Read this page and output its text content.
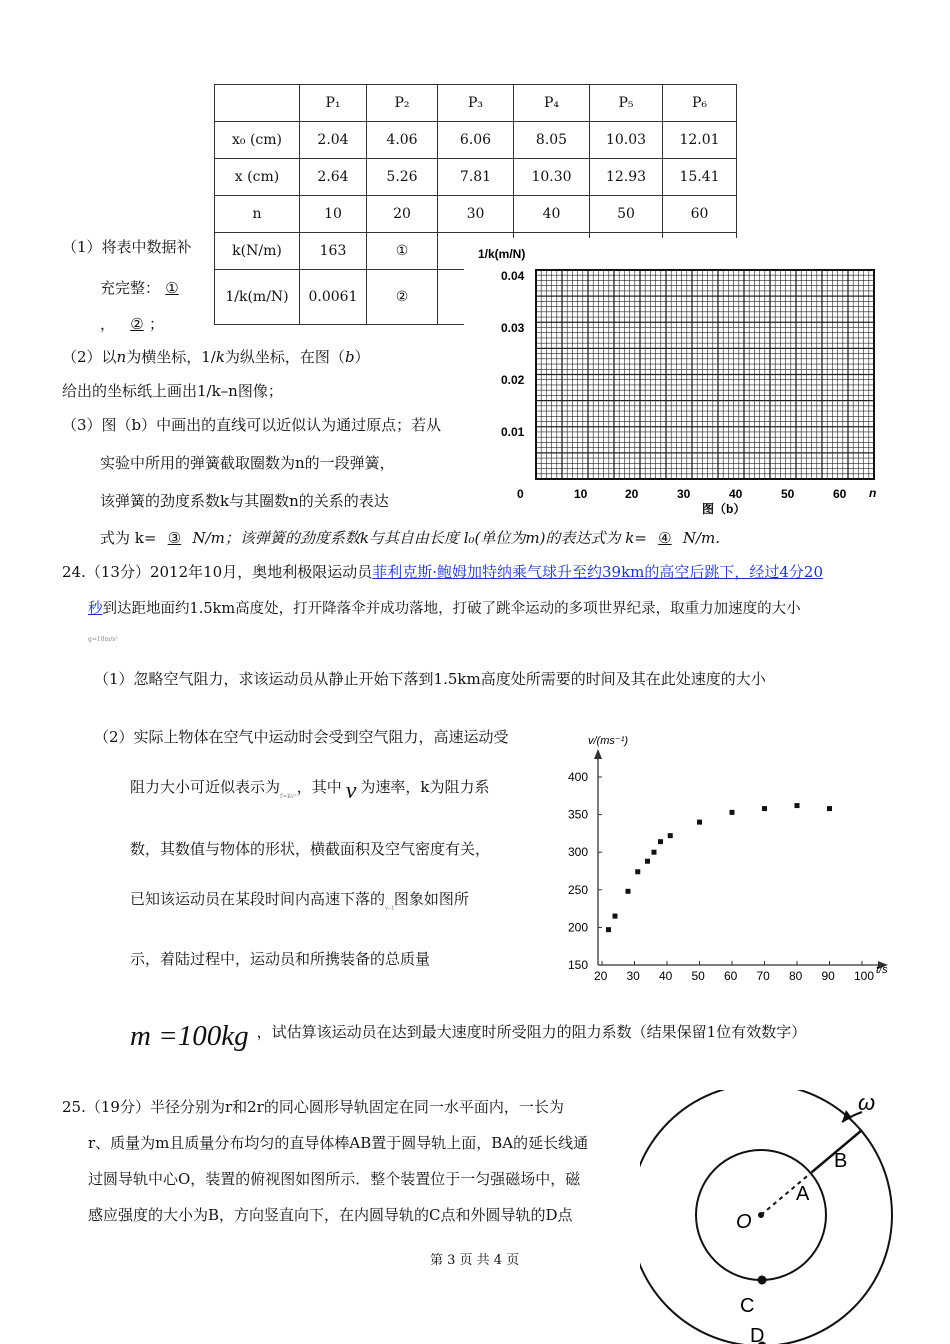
	P₁	P₂	P₃	P₄	P₅	P₆
x₀ (cm)	2.04	4.06	6.06	8.05	10.03	12.01
x (cm)	2.64	5.26	7.81	10.30	12.93	15.41
n	10	20	30	40	50	60
k(N/m)	163	①				
1/k(m/N)	0.0061	②				
1/k(m/N)
0.04
0.03
0.02
0.01
0	10	20	30	40	50	60 n
图（b）
（1）将表中数据补
充完整： ①
， ② ；
（2）以n为横坐标，1/k为纵坐标，在图（b）
给出的坐标纸上画出1/k–n图像；
（3）图（b）中画出的直线可以近似认为通过原点；若从
实验中所用的弹簧截取圈数为n的一段弹簧，
该弹簧的劲度系数k与其圈数n的关系的表达
式为 k= ③ N/m；该弹簧的劲度系数k与其自由长度 l₀(单位为m)的表达式为 k= ④ N/m.
24.（13分）2012年10月，奥地利极限运动员菲利克斯·鲍姆加特纳乘气球升至约39km的高空后跳下，经过4分20
秒到达距地面约1.5km高度处，打开降落伞并成功落地，打破了跳伞运动的多项世界纪录，取重力加速度的大小
g=10m/s²
（1）忽略空气阻力，求该运动员从静止开始下落到1.5km高度处所需要的时间及其在此处速度的大小
（2）实际上物体在空气中运动时会受到空气阻力，高速运动受
阻力大小可近似表示为$_{f=kv^2}$，其中 v 为速率，k为阻力系
数，其数值与物体的形状，横截面积及空气密度有关，
已知该运动员在某段时间内高速下落的$_{v-t}$图象如图所
示，着陆过程中，运动员和所携装备的总质量
m =100kg ，试估算该运动员在达到最大速度时所受阻力的阻力系数（结果保留1位有效数字）
150
200
250
300
350
400
20 30 40 50 60 70 80 90 100
v/(ms⁻¹)
t/s
25.（19分）半径分别为r和2r的同心圆形导轨固定在同一水平面内，一长为
r、质量为m且质量分布均匀的直导体棒AB置于圆导轨上面，BA的延长线通
过圆导轨中心O，装置的俯视图如图所示．整个装置位于一匀强磁场中，磁
感应强度的大小为B，方向竖直向下，在内圆导轨的C点和外圆导轨的D点
ω
A
B
O
C
D
第 3 页 共 4 页
